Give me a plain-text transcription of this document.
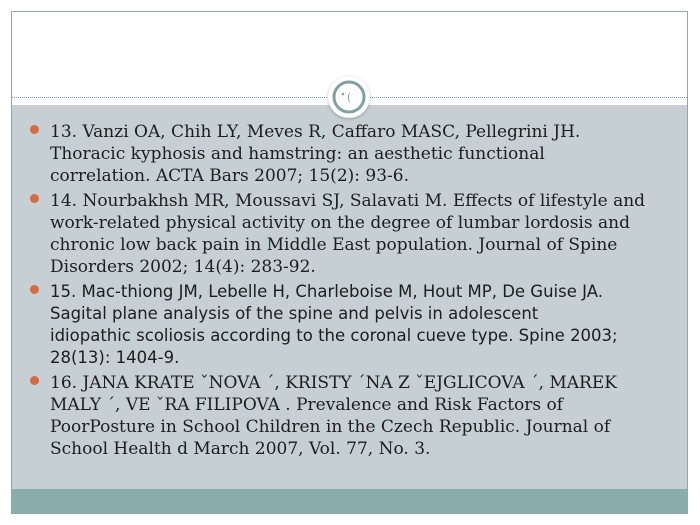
(
13. Vanzi OA, Chih LY, Meves R, Caffaro MASC, Pellegrini JH.
Thoracic kyphosis and hamstring: an aesthetic functional
correlation. ACTA Bars 2007; 15(2): 93-6.
14. Nourbakhsh MR, Moussavi SJ, Salavati M. Effects of lifestyle and
work-related physical activity on the degree of lumbar lordosis and
chronic low back pain in Middle East population. Journal of Spine
Disorders 2002; 14(4): 283-92.
15. Mac-thiong JM, Lebelle H, Charleboise M, Hout MP, De Guise JA.
Sagital plane analysis of the spine and pelvis in adolescent
idiopathic scoliosis according to the coronal cueve type. Spine 2003;
28(13): 1404-9.
16. JANA KRATE ˇNOVA ´, KRISTY ´NA Z ˇEJGLICOVA ´, MAREK
MALY ´, VE ˇRA FILIPOVA . Prevalence and Risk Factors of
PoorPosture in School Children in the Czech Republic. Journal of
School Health d March 2007, Vol. 77, No. 3.
